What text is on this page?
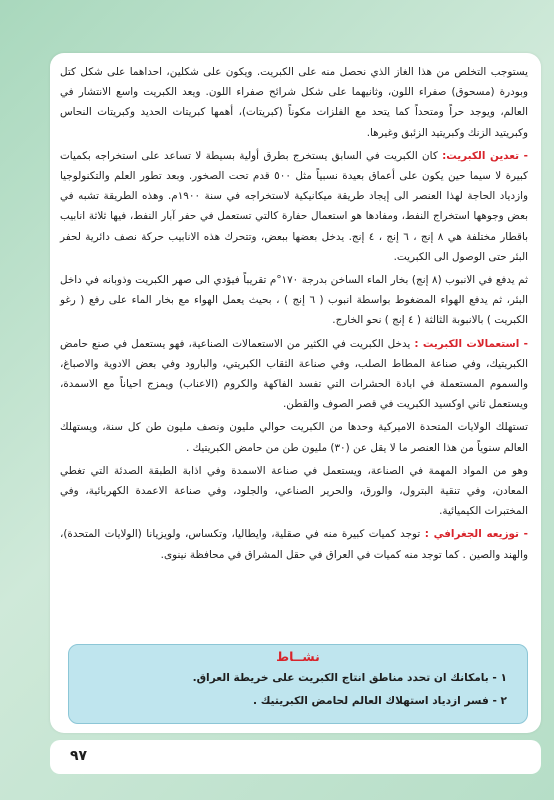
يستوجب التخلص من هذا الغاز الذي نحصل منه على الكبريت. ويكون على شكلين، احداهما على شكل كتل وبودرة (مسحوق) صفراء اللون، وثانيهما على شكل شرائح صفراء اللون. ويعد الكبريت واسع الانتشار في العالم، ويوجد حراً ومتحداً كما يتحد مع الفلزات مكوناً (كبريتات)، أهمها كبريتات الحديد وكبريتات النحاس وكبريتيد الزنك وكبريتيد الزئبق وغيرها.

- تعدين الكبريت: كان الكبريت في السابق يستخرج بطرق أولية بسيطة لا تساعد على استخراجه بكميات كبيرة لا سيما حين يكون على أعماق بعيدة نسبياً مثل ٥٠٠ قدم تحت الصخور. وبعد تطور العلم والتكنولوجيا وازدياد الحاجة لهذا العنصر الى إيجاد طريقة ميكانيكية لاستخراجه في سنة ١٩٠٠م. وهذه الطريقة تشبه في بعض وجوهها استخراج النفط، ومفادها هو استعمال حفارة كالتي تستعمل في حفر آبار النفط، فيها ثلاثة انابيب باقطار مختلفة هي ٨ إنج ، ٦ إنج ، ٤ إنج. يدخل بعضها ببعض، وتتحرك هذه الانابيب حركة نصف دائرية لحفر البئر حتى الوصول الى الكبريت.

ثم يدفع في الانبوب (٨ إنج) بخار الماء الساخن بدرجة ١٧٠°م تقريباً فيؤدي الى صهر الكبريت وذوبانه في داخل البئر، ثم يدفع الهواء المضغوط بواسطة انبوب ( ٦ إنج ) ، بحيث يعمل الهواء مع بخار الماء على رفع ( رغو الكبريت ) بالانبوبة الثالثة ( ٤ إنج ) نحو الخارج.

- استعمالات الكبريت : يدخل الكبريت في الكثير من الاستعمالات الصناعية، فهو يستعمل في صنع حامض الكبريتيك، وفي صناعة المطاط الصلب، وفي صناعة الثقاب الكبريتي، والبارود وفي بعض الادوية والاصباغ، والسموم المستعملة في ابادة الحشرات التي تفسد الفاكهة والكروم (الاعناب) ويمزج احياناً مع الاسمدة، ويستعمل ثاني اوكسيد الكبريت في قصر الصوف والقطن.

تستهلك الولايات المتحدة الاميركية وحدها من الكبريت حوالي مليون ونصف مليون طن كل سنة، ويستهلك العالم سنوياً من هذا العنصر ما لا يقل عن (٣٠) مليون طن من حامض الكبريتيك .

وهو من المواد المهمة في الصناعة، ويستعمل في صناعة الاسمدة وفي اذابة الطبقة الصدئة التي تغطي المعادن، وفي تنقية البترول، والورق، والحرير الصناعي، والجلود، وفي صناعة الاعمدة الكهربائية، وفي المختبرات الكيميائية.

- توزيعه الجغرافي : توجد كميات كبيرة منه في صقلية، وايطاليا، وتكساس، ولويزيانا (الولايات المتحدة)، والهند والصين . كما توجد منه كميات في العراق في حقل المشراق في محافظة نينوى.

نشــاط
١ - بامكانك ان تحدد مناطق انتاج الكبريت على خريطة العراق.
٢ - فسر ازدياد استهلاك العالم لحامض الكبريتيك .
٩٧
